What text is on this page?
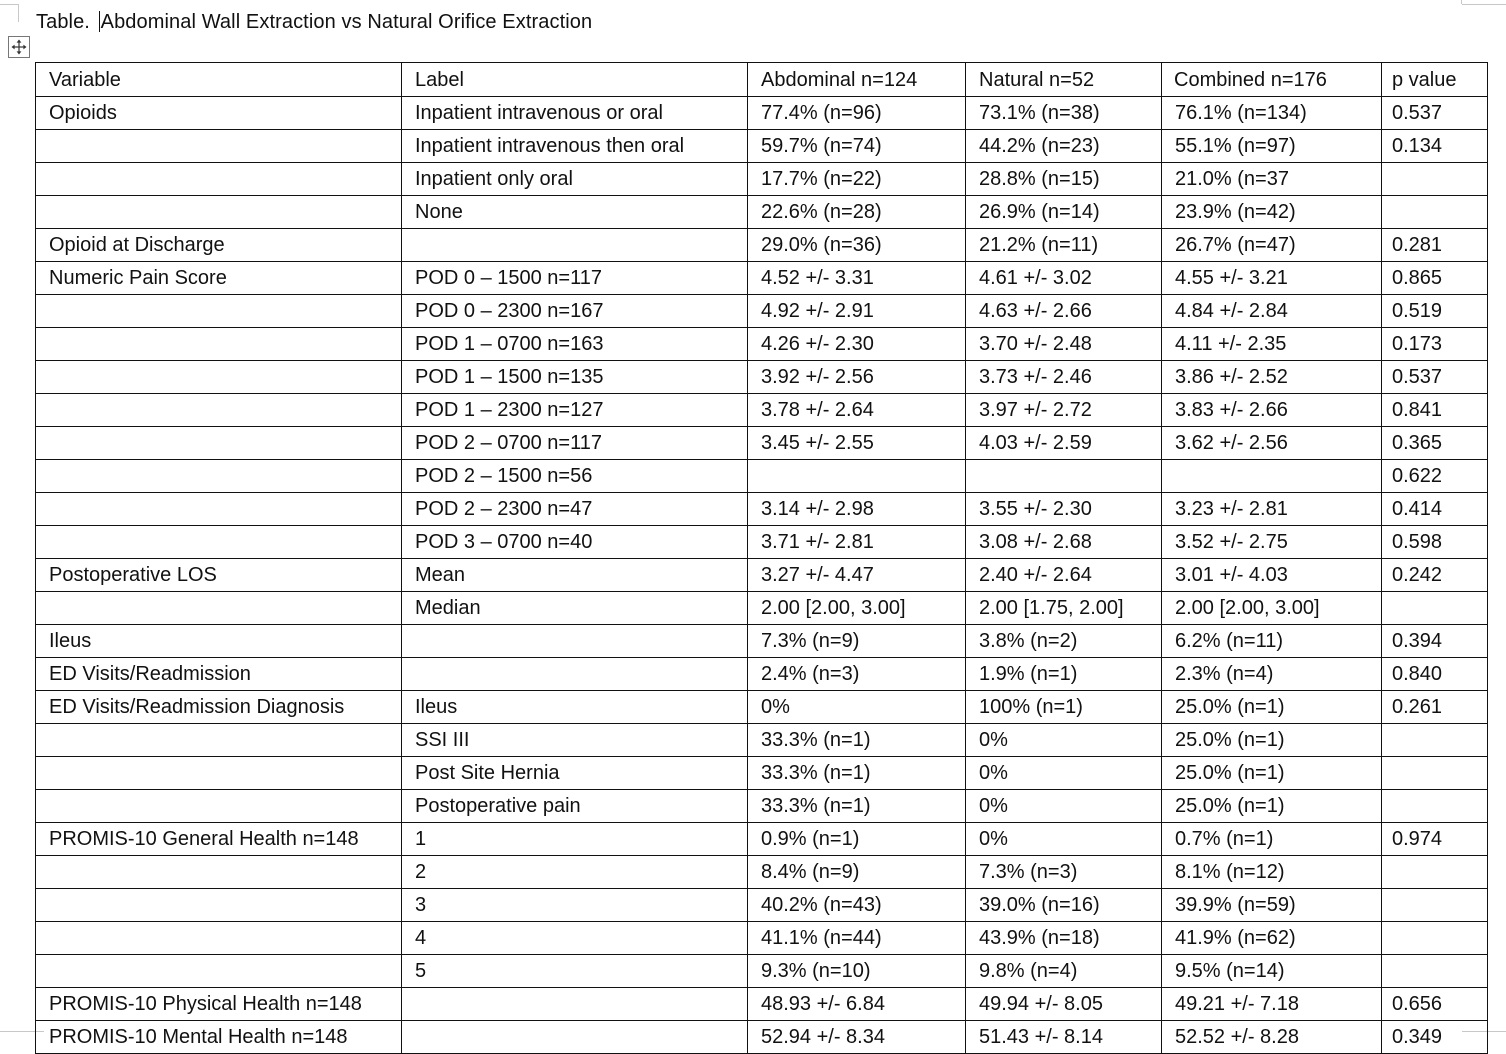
Table. Abdominal Wall Extraction vs Natural Orifice Extraction
Variable	Label	Abdominal n=124	Natural n=52	Combined n=176	p value
Opioids	Inpatient intravenous or oral	77.4% (n=96)	73.1% (n=38)	76.1% (n=134)	0.537
	Inpatient intravenous then oral	59.7% (n=74)	44.2% (n=23)	55.1% (n=97)	0.134
	Inpatient only oral	17.7% (n=22)	28.8% (n=15)	21.0% (n=37	
	None	22.6% (n=28)	26.9% (n=14)	23.9% (n=42)	
Opioid at Discharge		29.0% (n=36)	21.2% (n=11)	26.7% (n=47)	0.281
Numeric Pain Score	POD 0 – 1500 n=117	4.52 +/- 3.31	4.61 +/- 3.02	4.55 +/- 3.21	0.865
	POD 0 – 2300 n=167	4.92 +/- 2.91	4.63 +/- 2.66	4.84 +/- 2.84	0.519
	POD 1 – 0700 n=163	4.26 +/- 2.30	3.70 +/- 2.48	4.11 +/- 2.35	0.173
	POD 1 – 1500 n=135	3.92 +/- 2.56	3.73 +/- 2.46	3.86 +/- 2.52	0.537
	POD 1 – 2300 n=127	3.78 +/- 2.64	3.97 +/- 2.72	3.83 +/- 2.66	0.841
	POD 2 – 0700 n=117	3.45 +/- 2.55	4.03 +/- 2.59	3.62 +/- 2.56	0.365
	POD 2 – 1500 n=56				0.622
	POD 2 – 2300 n=47	3.14 +/- 2.98	3.55 +/- 2.30	3.23 +/- 2.81	0.414
	POD 3 – 0700 n=40	3.71 +/- 2.81	3.08 +/- 2.68	3.52 +/- 2.75	0.598
Postoperative LOS	Mean	3.27 +/- 4.47	2.40 +/- 2.64	3.01 +/- 4.03	0.242
	Median	2.00 [2.00, 3.00]	2.00 [1.75, 2.00]	2.00 [2.00, 3.00]	
Ileus		7.3% (n=9)	3.8% (n=2)	6.2% (n=11)	0.394
ED Visits/Readmission		2.4% (n=3)	1.9% (n=1)	2.3% (n=4)	0.840
ED Visits/Readmission Diagnosis	Ileus	0%	100% (n=1)	25.0% (n=1)	0.261
	SSI III	33.3% (n=1)	0%	25.0% (n=1)	
	Post Site Hernia	33.3% (n=1)	0%	25.0% (n=1)	
	Postoperative pain	33.3% (n=1)	0%	25.0% (n=1)	
PROMIS-10 General Health n=148	1	0.9% (n=1)	0%	0.7% (n=1)	0.974
	2	8.4% (n=9)	7.3% (n=3)	8.1% (n=12)	
	3	40.2% (n=43)	39.0% (n=16)	39.9% (n=59)	
	4	41.1% (n=44)	43.9% (n=18)	41.9% (n=62)	
	5	9.3% (n=10)	9.8% (n=4)	9.5% (n=14)	
PROMIS-10 Physical Health n=148		48.93 +/- 6.84	49.94 +/- 8.05	49.21 +/- 7.18	0.656
PROMIS-10 Mental Health n=148		52.94 +/- 8.34	51.43 +/- 8.14	52.52 +/- 8.28	0.349
